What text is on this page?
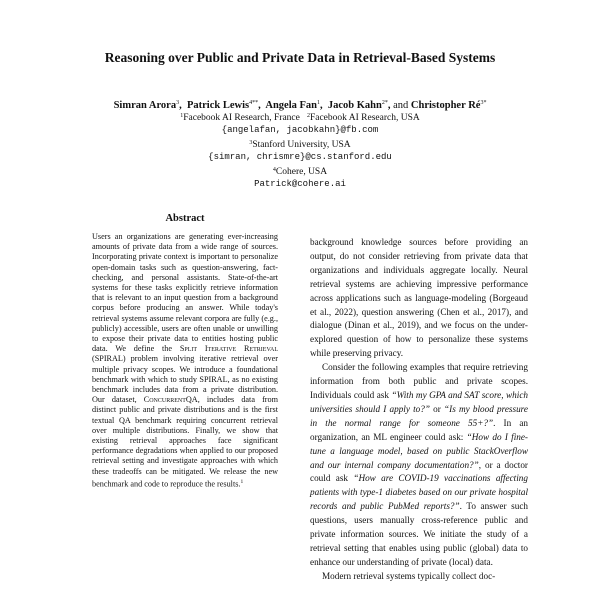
Reasoning over Public and Private Data in Retrieval-Based Systems
Simran Arora$^3$,  Patrick Lewis$^{4**}$,  Angela Fan$^1$,  Jacob Kahn$^{2*}$, and Christopher $Ré^{3*}$
$^1$Facebook AI Research, France $^2$Facebook AI Research, USA
{angelafan, jacobkahn}@fb.com
$^3$Stanford University, USA
{simran, chrismre}@cs.stanford.edu
$^4$Cohere, USA
Patrick@cohere.ai
Abstract
Users an organizations are generating ever-increasing amounts of private data from a wide range of sources. Incorporating private context is important to personalize open-domain tasks such as question-answering, fact-checking, and personal assistants. State-of-the-art systems for these tasks explicitly retrieve information that is relevant to an input question from a background corpus before producing an answer. While today's retrieval systems assume relevant corpora are fully (e.g., publicly) accessible, users are often unable or unwilling to expose their private data to entities hosting public data. We define the Split Iterative Retrieval (SPIRAL) problem involving iterative retrieval over multiple privacy scopes. We introduce a foundational benchmark with which to study SPIRAL, as no existing benchmark includes data from a private distribution. Our dataset, ConcurrentQA, includes data from distinct public and private distributions and is the first textual QA benchmark requiring concurrent retrieval over multiple distributions. Finally, we show that existing retrieval approaches face significant performance degradations when applied to our proposed retrieval setting and investigate approaches with which these tradeoffs can be mitigated. We release the new benchmark and code to reproduce the results.$^1$

background knowledge sources before providing an output, do not consider retrieving from private data that organizations and individuals aggregate locally. Neural retrieval systems are achieving impressive performance across applications such as language-modeling (Borgeaud et al., 2022), question answering (Chen et al., 2017), and dialogue (Dinan et al., 2019), and we focus on the under-explored question of how to personalize these systems while preserving privacy.

Consider the following examples that require retrieving information from both public and private scopes. Individuals could ask “With my GPA and SAT score, which universities should I apply to?” or “Is my blood pressure in the normal range for someone 55+?”. In an organization, an ML engineer could ask: “How do I fine-tune a language model, based on public StackOverflow and our internal company documentation?”, or a doctor could ask “How are COVID-19 vaccinations affecting patients with type-1 diabetes based on our private hospital records and public PubMed reports?”. To answer such questions, users manually cross-reference public and private information sources. We initiate the study of a retrieval setting that enables using public (global) data to enhance our understanding of private (local) data.

Modern retrieval systems typically collect doc-
